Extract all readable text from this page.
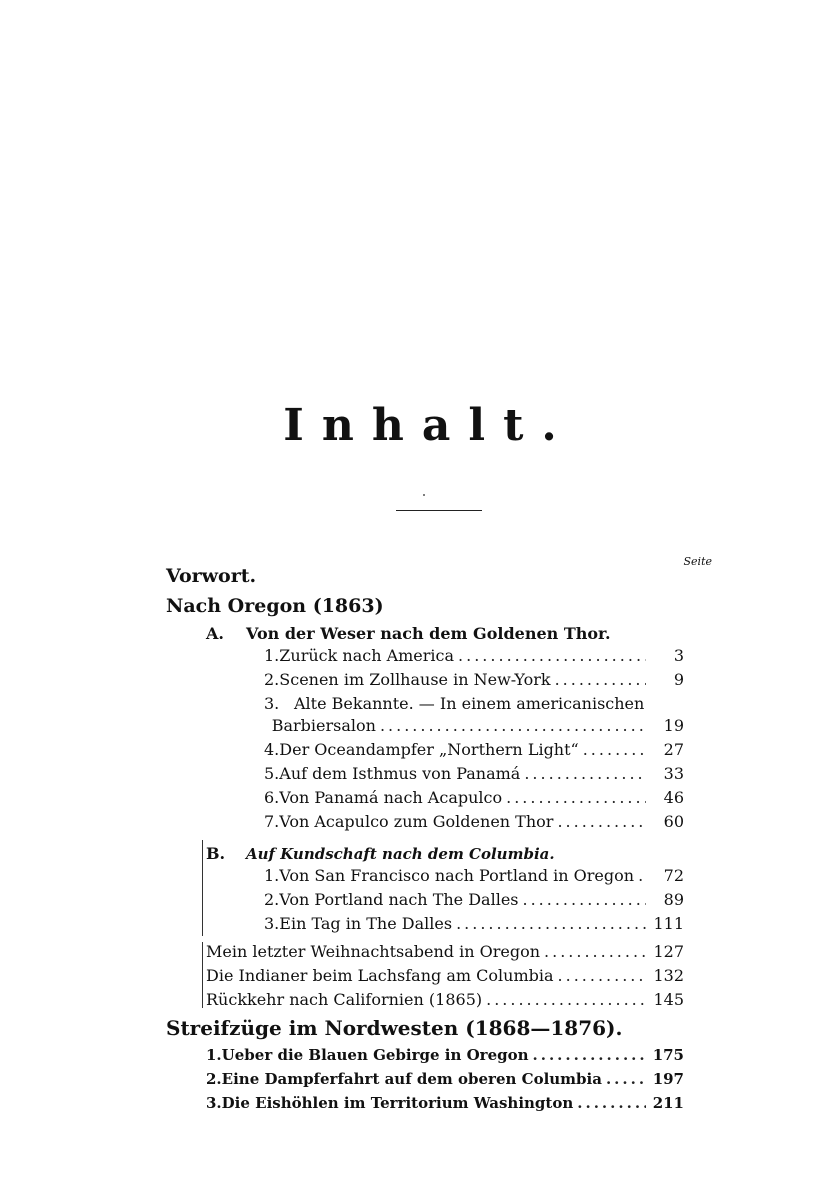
Inhalt.
Seite
Vorwort.
Nach Oregon (1863)
A. Von der Weser nach dem Goldenen Thor.
1. Zurück nach America .....	3
2. Scenen im Zollhause in New-York .....	9
3. Alte Bekannte. — In einem americanischen
Barbiersalon .....	19
4. Der Oceandampfer „Northern Light“ .....	27
5. Auf dem Isthmus von Panamá .....	33
6. Von Panamá nach Acapulco .....	46
7. Von Acapulco zum Goldenen Thor .....	60
B. Auf Kundschaft nach dem Columbia.
1. Von San Francisco nach Portland in Oregon .....	72
2. Von Portland nach The Dalles .....	89
3. Ein Tag in The Dalles .....	111
Mein letzter Weihnachtsabend in Oregon .....	127
Die Indianer beim Lachsfang am Columbia .....	132
Rückkehr nach Californien (1865) .....	145
Streifzüge im Nordwesten (1868—1876).
1. Ueber die Blauen Gebirge in Oregon .....	175
2. Eine Dampferfahrt auf dem oberen Columbia .....	197
3. Die Eishöhlen im Territorium Washington .....	211
